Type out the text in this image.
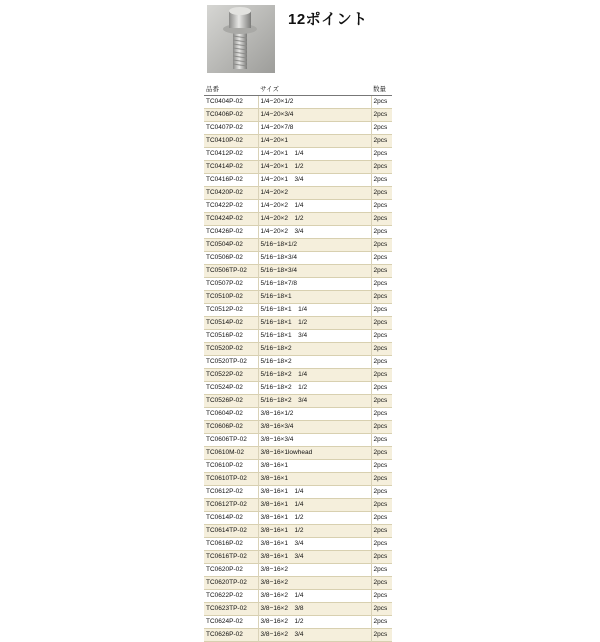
12ポイント
品番	サイズ	数量
TC0404P-02	1/4−20×1/2	2pcs
TC0406P-02	1/4−20×3/4	2pcs
TC0407P-02	1/4−20×7/8	2pcs
TC0410P-02	1/4−20×1	2pcs
TC0412P-02	1/4−20×1　1/4	2pcs
TC0414P-02	1/4−20×1　1/2	2pcs
TC0416P-02	1/4−20×1　3/4	2pcs
TC0420P-02	1/4−20×2	2pcs
TC0422P-02	1/4−20×2　1/4	2pcs
TC0424P-02	1/4−20×2　1/2	2pcs
TC0426P-02	1/4−20×2　3/4	2pcs
TC0504P-02	5/16−18×1/2	2pcs
TC0506P-02	5/16−18×3/4	2pcs
TC0506TP-02	5/16−18×3/4	2pcs
TC0507P-02	5/16−18×7/8	2pcs
TC0510P-02	5/16−18×1	2pcs
TC0512P-02	5/16−18×1　1/4	2pcs
TC0514P-02	5/16−18×1　1/2	2pcs
TC0516P-02	5/16−18×1　3/4	2pcs
TC0520P-02	5/16−18×2	2pcs
TC0520TP-02	5/16−18×2	2pcs
TC0522P-02	5/16−18×2　1/4	2pcs
TC0524P-02	5/16−18×2　1/2	2pcs
TC0526P-02	5/16−18×2　3/4	2pcs
TC0604P-02	3/8−16×1/2	2pcs
TC0606P-02	3/8−16×3/4	2pcs
TC0606TP-02	3/8−16×3/4	2pcs
TC0610M-02	3/8−16×1lowhead	2pcs
TC0610P-02	3/8−16×1	2pcs
TC0610TP-02	3/8−16×1	2pcs
TC0612P-02	3/8−16×1　1/4	2pcs
TC0612TP-02	3/8−16×1　1/4	2pcs
TC0614P-02	3/8−16×1　1/2	2pcs
TC0614TP-02	3/8−16×1　1/2	2pcs
TC0616P-02	3/8−16×1　3/4	2pcs
TC0616TP-02	3/8−16×1　3/4	2pcs
TC0620P-02	3/8−16×2	2pcs
TC0620TP-02	3/8−16×2	2pcs
TC0622P-02	3/8−16×2　1/4	2pcs
TC0623TP-02	3/8−16×2　3/8	2pcs
TC0624P-02	3/8−16×2　1/2	2pcs
TC0626P-02	3/8−16×2　3/4	2pcs
